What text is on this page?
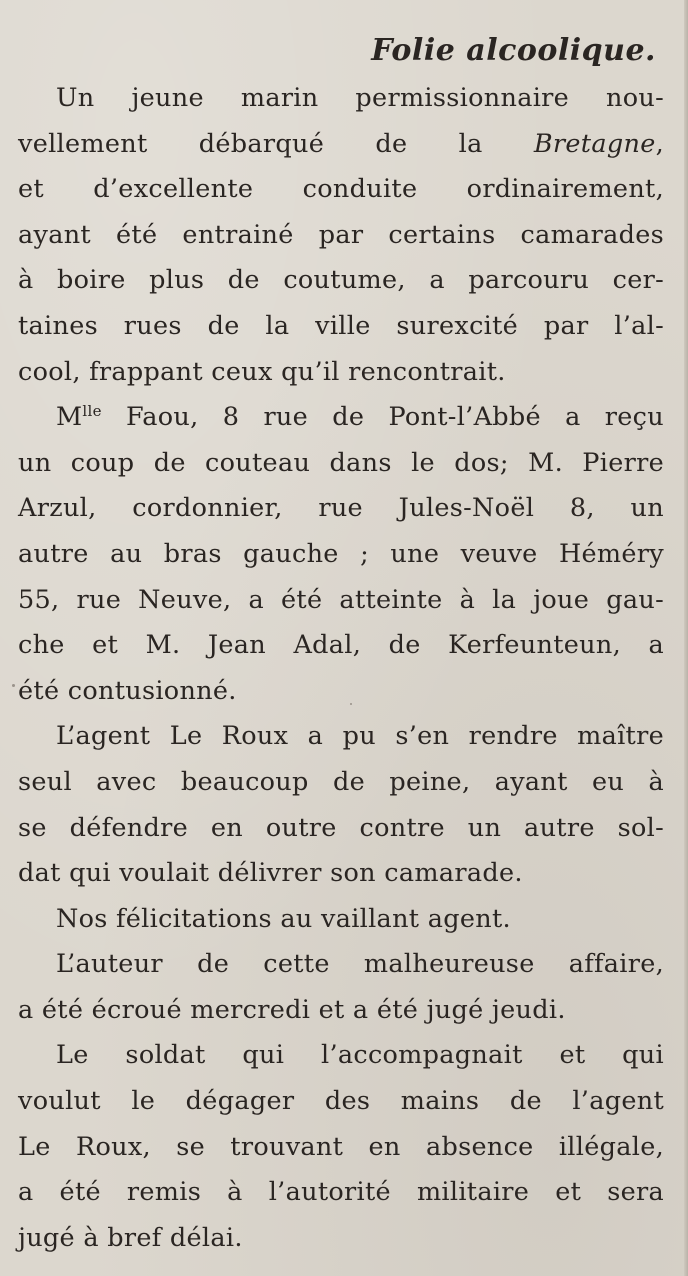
Folie alcoolique.

Un jeune marin permissionnaire nou-
vellement débarqué de la Bretagne,
et d’excellente conduite ordinairement,
ayant été entrainé par certains camarades
à boire plus de coutume, a parcouru cer-
taines rues de la ville surexcité par l’al-
cool, frappant ceux qu’il rencontrait.

$M^{lle}$ Faou, 8 rue de Pont-l’Abbé a reçu
un coup de couteau dans le dos; M. Pierre
Arzul, cordonnier, rue Jules-Noël 8, un
autre au bras gauche ; une veuve Héméry
55, rue Neuve, a été atteinte à la joue gau-
che et M. Jean Adal, de Kerfeunteun, a
été contusionné.

L’agent Le Roux a pu s’en rendre maître
seul avec beaucoup de peine, ayant eu à
se défendre en outre contre un autre sol-
dat qui voulait délivrer son camarade.

Nos félicitations au vaillant agent.

L’auteur de cette malheureuse affaire,
a été écroué mercredi et a été jugé jeudi.

Le soldat qui l’accompagnait et qui
voulut le dégager des mains de l’agent
Le Roux, se trouvant en absence illégale,
a été remis à l’autorité militaire et sera
jugé à bref délai.
